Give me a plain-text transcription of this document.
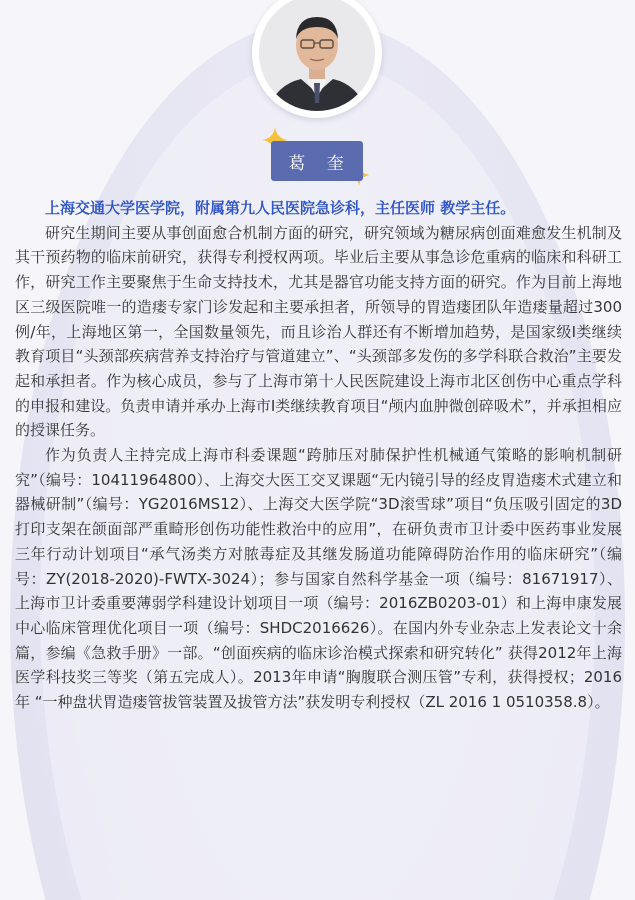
葛 奎

上海交通大学医学院，附属第九人民医院急诊科，主任医师 教学主任。

研究生期间主要从事创面愈合机制方面的研究，研究领域为糖尿病创面难愈发生机制及其干预药物的临床前研究，获得专利授权两项。毕业后主要从事急诊危重病的临床和科研工作，研究工作主要聚焦于生命支持技术，尤其是器官功能支持方面的研究。作为目前上海地区三级医院唯一的造瘘专家门诊发起和主要承担者，所领导的胃造瘘团队年造瘘量超过300例/年，上海地区第一，全国数量领先，而且诊治人群还有不断增加趋势，是国家级I类继续教育项目“头颈部疾病营养支持治疗与管道建立”、“头颈部多发伤的多学科联合救治”主要发起和承担者。作为核心成员，参与了上海市第十人民医院建设上海市北区创伤中心重点学科的申报和建设。负责申请并承办上海市I类继续教育项目“颅内血肿微创碎吸术”，并承担相应的授课任务。

作为负责人主持完成上海市科委课题“跨肺压对肺保护性机械通气策略的影响机制研究”（编号：10411964800）、上海交大医工交叉课题“无内镜引导的经皮胃造瘘术式建立和器械研制”（编号：YG2016MS12）、上海交大医学院“3D滚雪球”项目“负压吸引固定的3D打印支架在颌面部严重畸形创伤功能性救治中的应用”，在研负责市卫计委中医药事业发展三年行动计划项目“承气汤类方对脓毒症及其继发肠道功能障碍防治作用的临床研究”（编号：ZY(2018-2020)-FWTX-3024）；参与国家自然科学基金一项（编号：81671917）、上海市卫计委重要薄弱学科建设计划项目一项（编号：2016ZB0203-01）和上海申康发展中心临床管理优化项目一项（编号：SHDC2016626）。在国内外专业杂志上发表论文十余篇，参编《急救手册》一部。“创面疾病的临床诊治模式探索和研究转化” 获得2012年上海医学科技奖三等奖（第五完成人）。2013年申请“胸腹联合测压管”专利，获得授权；2016年 “一种盘状胃造瘘管拔管装置及拔管方法”获发明专利授权（ZL 2016 1 0510358.8）。
